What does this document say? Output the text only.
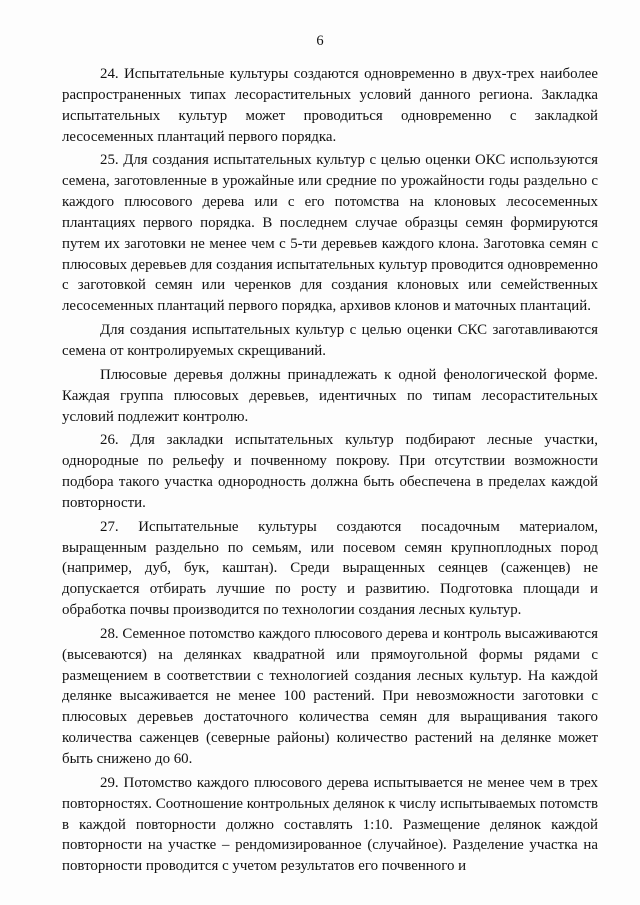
6

24. Испытательные культуры создаются одновременно в двух-трех наиболее распространенных типах лесорастительных условий данного региона. Закладка испытательных культур может проводиться одновременно с закладкой лесосеменных плантаций первого порядка.

25. Для создания испытательных культур с целью оценки ОКС используются семена, заготовленные в урожайные или средние по урожайности годы раздельно с каждого плюсового дерева или с его потомства на клоновых лесосеменных плантациях первого порядка. В последнем случае образцы семян формируются путем их заготовки не менее чем с 5-ти деревьев каждого клона. Заготовка семян с плюсовых деревьев для создания испытательных культур проводится одновременно с заготовкой семян или черенков для создания клоновых или семейственных лесосеменных плантаций первого порядка, архивов клонов и маточных плантаций.

Для создания испытательных культур с целью оценки СКС заготавливаются семена от контролируемых скрещиваний.

Плюсовые деревья должны принадлежать к одной фенологической форме. Каждая группа плюсовых деревьев, идентичных по типам лесорастительных условий подлежит контролю.

26. Для закладки испытательных культур подбирают лесные участки, однородные по рельефу и почвенному покрову. При отсутствии возможности подбора такого участка однородность должна быть обеспечена в пределах каждой повторности.

27. Испытательные культуры создаются посадочным материалом, выращенным раздельно по семьям, или посевом семян крупноплодных пород (например, дуб, бук, каштан). Среди выращенных сеянцев (саженцев) не допускается отбирать лучшие по росту и развитию. Подготовка площади и обработка почвы производится по технологии создания лесных культур.

28. Семенное потомство каждого плюсового дерева и контроль высаживаются (высеваются) на делянках квадратной или прямоугольной формы рядами с размещением в соответствии с технологией создания лесных культур. На каждой делянке высаживается не менее 100 растений. При невозможности заготовки с плюсовых деревьев достаточного количества семян для выращивания такого количества саженцев (северные районы) количество растений на делянке может быть снижено до 60.

29. Потомство каждого плюсового дерева испытывается не менее чем в трех повторностях. Соотношение контрольных делянок к числу испытываемых потомств в каждой повторности должно составлять 1:10. Размещение делянок каждой повторности на участке – рендомизированное (случайное). Разделение участка на повторности проводится с учетом результатов его почвенного и
